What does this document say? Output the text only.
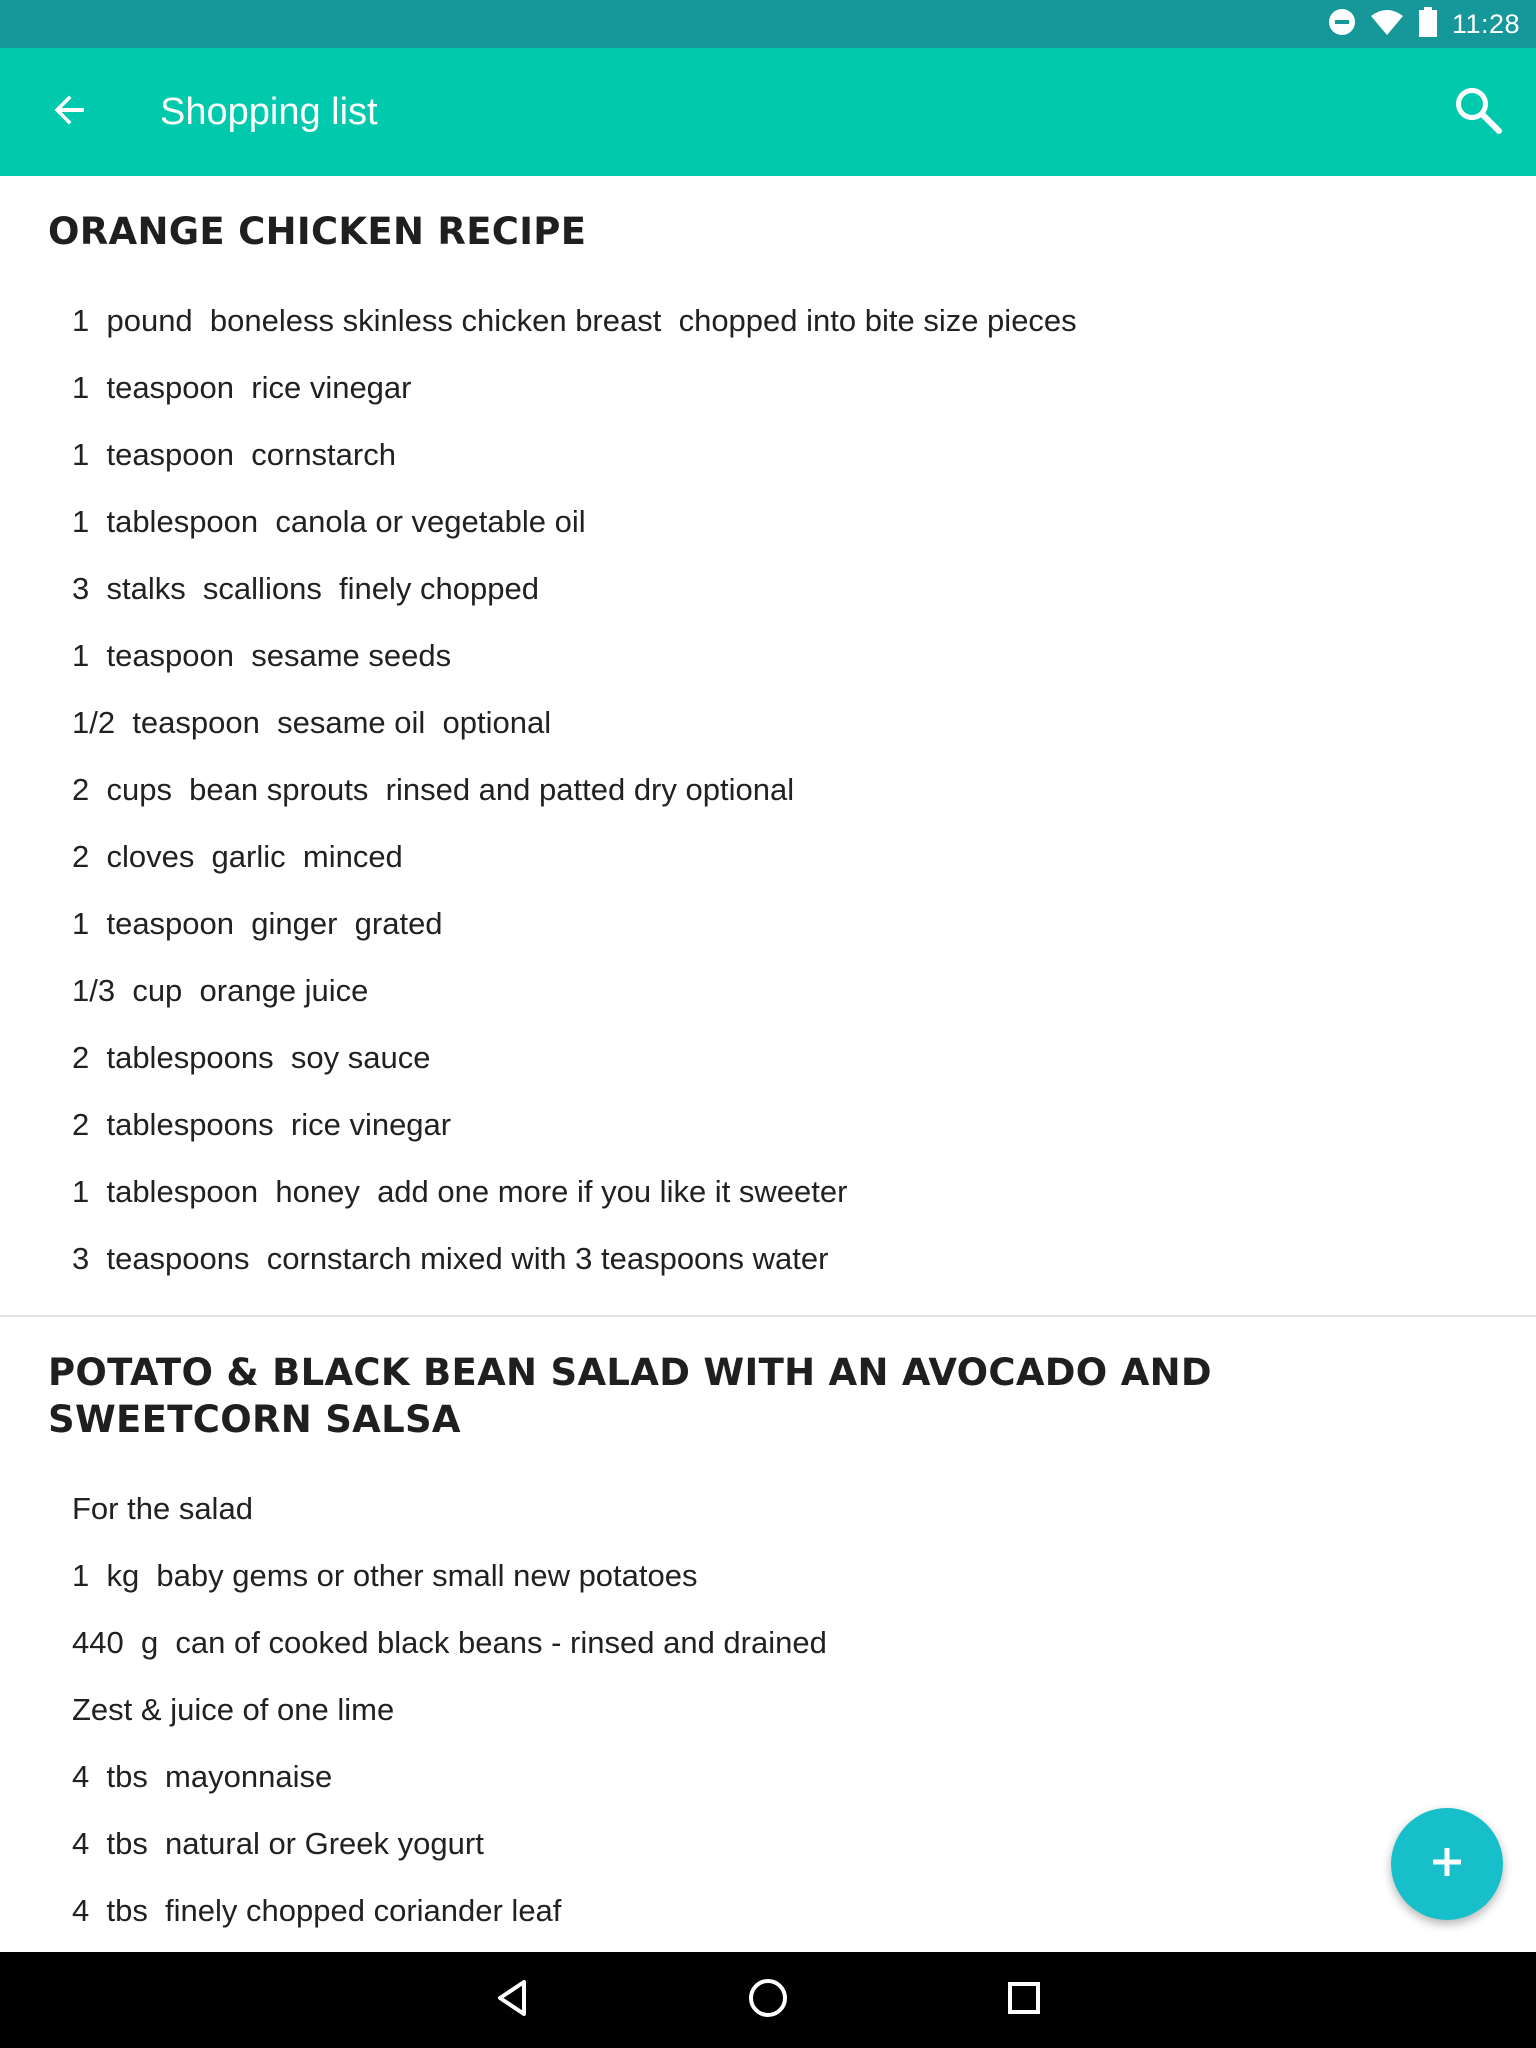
11:28
Shopping list
ORANGE CHICKEN RECIPE
1  pound  boneless skinless chicken breast  chopped into bite size pieces
1  teaspoon  rice vinegar
1  teaspoon  cornstarch
1  tablespoon  canola or vegetable oil
3  stalks  scallions  finely chopped
1  teaspoon  sesame seeds
1/2  teaspoon  sesame oil  optional
2  cups  bean sprouts  rinsed and patted dry optional
2  cloves  garlic  minced
1  teaspoon  ginger  grated
1/3  cup  orange juice
2  tablespoons  soy sauce
2  tablespoons  rice vinegar
1  tablespoon  honey  add one more if you like it sweeter
3  teaspoons  cornstarch mixed with 3 teaspoons water
POTATO & BLACK BEAN SALAD WITH AN AVOCADO AND SWEETCORN SALSA
For the salad
1  kg  baby gems or other small new potatoes
440  g  can of cooked black beans - rinsed and drained
Zest & juice of one lime
4  tbs  mayonnaise
4  tbs  natural or Greek yogurt
4  tbs  finely chopped coriander leaf
